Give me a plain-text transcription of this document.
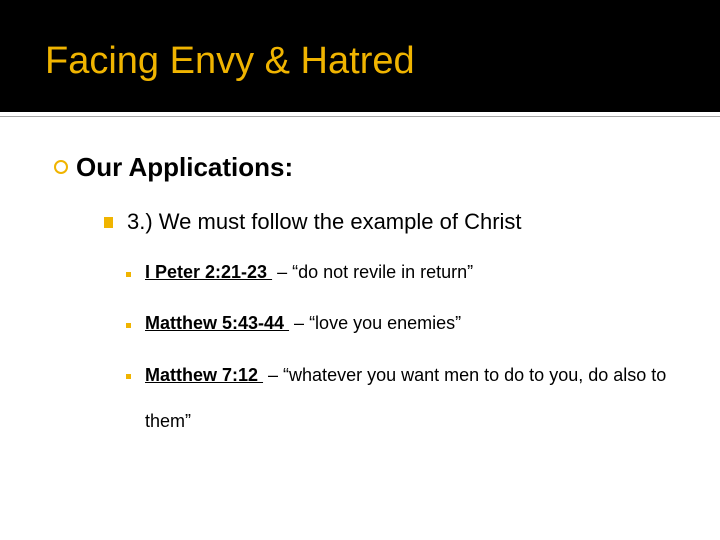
Facing Envy & Hatred
Our Applications:
3.) We must follow the example of Christ
I Peter 2:21-23  – “do not revile in return”
Matthew 5:43-44  – “love you enemies”
Matthew 7:12  – “whatever you want men to do to you, do also to them”
